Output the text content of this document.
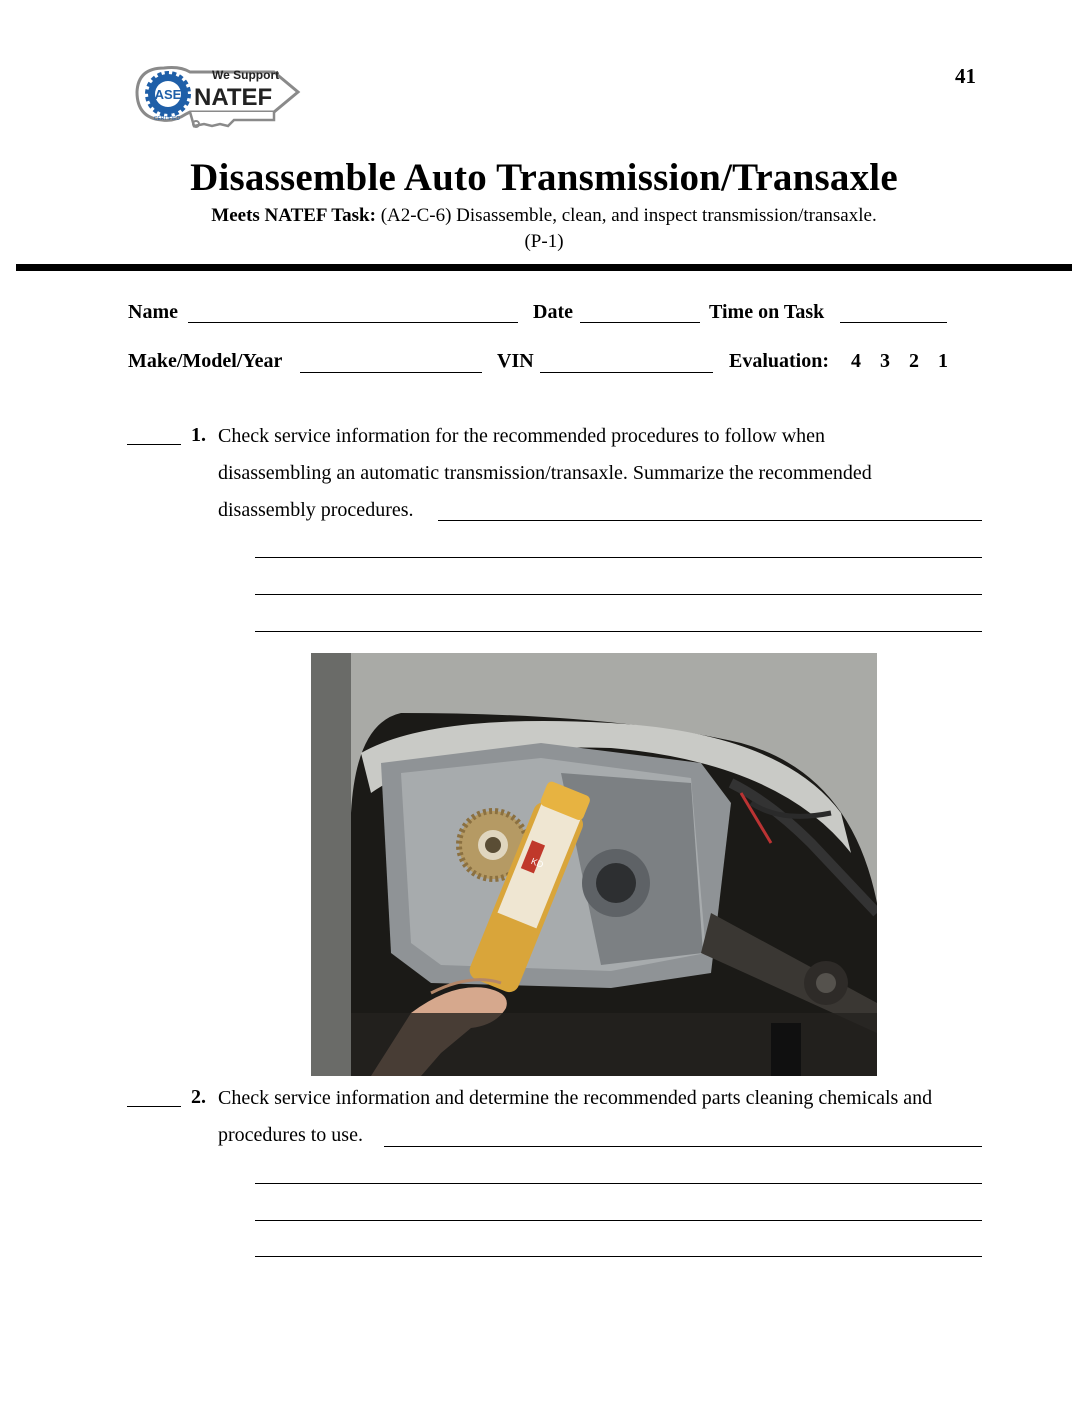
41
ASE
CERTIFIED
We Support
NATEF
Disassemble Auto Transmission/Transaxle
Meets NATEF Task: (A2-C-6) Disassemble, clean, and inspect transmission/transaxle.
(P-1)
Name	Date	Time on Task
Make/Model/Year	VIN	Evaluation: 4 3 2 1
1. Check service information for the recommended procedures to follow when
disassembling an automatic transmission/transaxle. Summarize the recommended
disassembly procedures.
KD
2. Check service information and determine the recommended parts cleaning chemicals and
procedures to use.
